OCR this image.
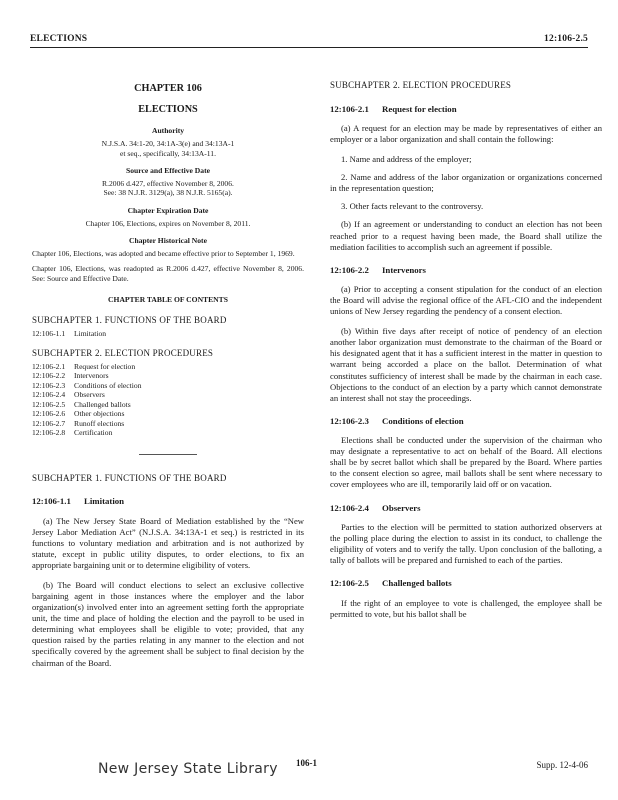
ELECTIONS	12:106-2.5
CHAPTER 106
ELECTIONS
Authority

N.J.S.A. 34:1-20, 34:1A-3(e) and 34:13A-1

et seq., specifically, 34:13A-11.

Source and Effective Date

R.2006 d.427, effective November 8, 2006.

See: 38 N.J.R. 3129(a), 38 N.J.R. 5165(a).

Chapter Expiration Date

Chapter 106, Elections, expires on November 8, 2011.

Chapter Historical Note

Chapter 106, Elections, was adopted and became effective prior to September 1, 1969.

Chapter 106, Elections, was readopted as R.2006 d.427, effective November 8, 2006. See: Source and Effective Date.

CHAPTER TABLE OF CONTENTS
SUBCHAPTER 1. FUNCTIONS OF THE BOARD
12:106-1.1	Limitation
SUBCHAPTER 2. ELECTION PROCEDURES
12:106-2.1	Request for election
12:106-2.2	Intervenors
12:106-2.3	Conditions of election
12:106-2.4	Observers
12:106-2.5	Challenged ballots
12:106-2.6	Other objections
12:106-2.7	Runoff elections
12:106-2.8	Certification
SUBCHAPTER 1. FUNCTIONS OF THE BOARD
12:106-1.1 Limitation

(a) The New Jersey State Board of Mediation established by the “New Jersey Labor Mediation Act” (N.J.S.A. 34:13A-1 et seq.) is restricted in its functions to voluntary mediation and arbitration and is not authorized by statute, except in public utility disputes, to order elections, to fix an appropriate bargaining unit or to determine eligibility of voters.

(b) The Board will conduct elections to select an exclusive collective bargaining agent in those instances where the employer and the labor organization(s) involved enter into an agreement setting forth the appropriate unit, the time and place of holding the election and the payroll to be used in determining what employees shall be eligible to vote; provided, that any question raised by the parties relating in any manner to the election and not specifically covered by the agreement shall be subject to final decision by the chairman of the Board.

SUBCHAPTER 2. ELECTION PROCEDURES
12:106-2.1 Request for election

(a) A request for an election may be made by representatives of either an employer or a labor organization and shall contain the following:

1. Name and address of the employer;

2. Name and address of the labor organization or organizations concerned in the representation question;

3. Other facts relevant to the controversy.

(b) If an agreement or understanding to conduct an election has not been reached prior to a request having been made, the Board shall utilize the mediation facilities to accomplish such an agreement if possible.

12:106-2.2 Intervenors

(a) Prior to accepting a consent stipulation for the conduct of an election the Board will advise the regional office of the AFL-CIO and the independent unions of New Jersey regarding the pendency of a consent election.

(b) Within five days after receipt of notice of pendency of an election another labor organization must demonstrate to the chairman of the Board or his designated agent that it has a sufficient interest in the matter in question to warrant being accorded a place on the ballot. Determination of what constitutes sufficiency of interest shall be made by the chairman in each case. Objections to the conduct of an election by a party which cannot demonstrate an interest shall not stay the proceedings.

12:106-2.3 Conditions of election

Elections shall be conducted under the supervision of the chairman who may designate a representative to act on behalf of the Board. All elections shall be by secret ballot which shall be prepared by the Board. Where parties to the consent election so agree, mail ballots shall be sent where necessary to cover employees who are ill, temporarily laid off or on vacation.

12:106-2.4 Observers

Parties to the election will be permitted to station authorized observers at the polling place during the election to assist in its conduct, to challenge the eligibility of voters and to verify the tally. Upon conclusion of the balloting, a tally of ballots will be prepared and furnished to each of the parties.

12:106-2.5 Challenged ballots

If the right of an employee to vote is challenged, the employee shall be permitted to vote, but his ballot shall be

New Jersey State Library 106-1	Supp. 12-4-06
